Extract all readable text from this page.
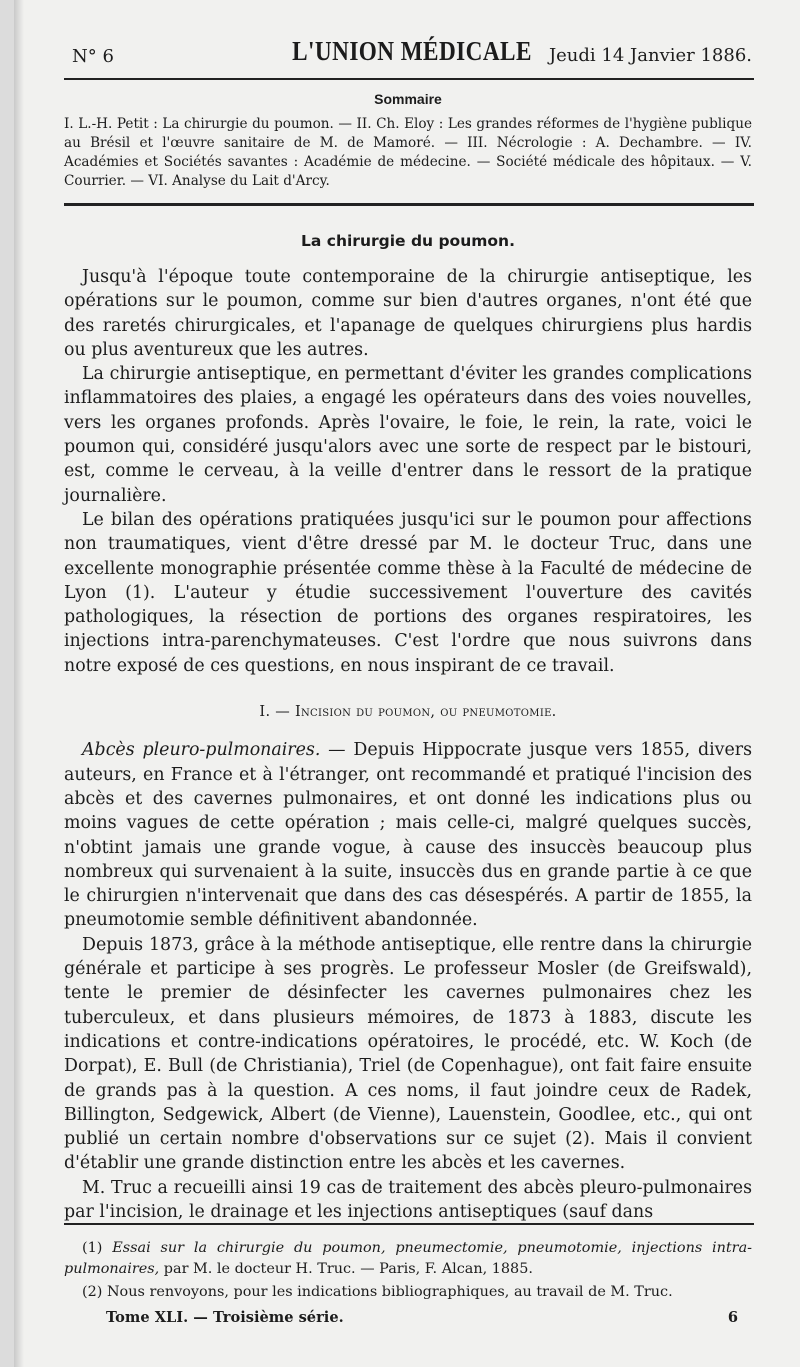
N° 6	L'UNION MÉDICALE Jeudi 14 Janvier 1886.
Sommaire

I. L.-H. Petit : La chirurgie du poumon. — II. Ch. Eloy : Les grandes réformes de l'hygiène publique au Brésil et l'œuvre sanitaire de M. de Mamoré. — III. Nécrologie : A. Dechambre. — IV. Académies et Sociétés savantes : Académie de médecine. — Société médicale des hôpitaux. — V. Courrier. — VI. Analyse du Lait d'Arcy.

La chirurgie du poumon.

Jusqu'à l'époque toute contemporaine de la chirurgie antiseptique, les opérations sur le poumon, comme sur bien d'autres organes, n'ont été que des raretés chirurgicales, et l'apanage de quelques chirurgiens plus hardis ou plus aventureux que les autres.

La chirurgie antiseptique, en permettant d'éviter les grandes complications inflammatoires des plaies, a engagé les opérateurs dans des voies nouvelles, vers les organes profonds. Après l'ovaire, le foie, le rein, la rate, voici le poumon qui, considéré jusqu'alors avec une sorte de respect par le bistouri, est, comme le cerveau, à la veille d'entrer dans le ressort de la pratique journalière.

Le bilan des opérations pratiquées jusqu'ici sur le poumon pour affections non traumatiques, vient d'être dressé par M. le docteur Truc, dans une excellente monographie présentée comme thèse à la Faculté de médecine de Lyon (1). L'auteur y étudie successivement l'ouverture des cavités pathologiques, la résection de portions des organes respiratoires, les injections intra-parenchymateuses. C'est l'ordre que nous suivrons dans notre exposé de ces questions, en nous inspirant de ce travail.

I. — Incision du poumon, ou pneumotomie.

Abcès pleuro-pulmonaires. — Depuis Hippocrate jusque vers 1855, divers auteurs, en France et à l'étranger, ont recommandé et pratiqué l'incision des abcès et des cavernes pulmonaires, et ont donné les indications plus ou moins vagues de cette opération ; mais celle-ci, malgré quelques succès, n'obtint jamais une grande vogue, à cause des insuccès beaucoup plus nombreux qui survenaient à la suite, insuccès dus en grande partie à ce que le chirurgien n'intervenait que dans des cas désespérés. A partir de 1855, la pneumotomie semble définitivent abandonnée.

Depuis 1873, grâce à la méthode antiseptique, elle rentre dans la chirurgie générale et participe à ses progrès. Le professeur Mosler (de Greifswald), tente le premier de désinfecter les cavernes pulmonaires chez les tuberculeux, et dans plusieurs mémoires, de 1873 à 1883, discute les indications et contre-indications opératoires, le procédé, etc. W. Koch (de Dorpat), E. Bull (de Christiania), Triel (de Copenhague), ont fait faire ensuite de grands pas à la question. A ces noms, il faut joindre ceux de Radek, Billington, Sedgewick, Albert (de Vienne), Lauenstein, Goodlee, etc., qui ont publié un certain nombre d'observations sur ce sujet (2). Mais il convient d'établir une grande distinction entre les abcès et les cavernes.

M. Truc a recueilli ainsi 19 cas de traitement des abcès pleuro-pulmonaires par l'incision, le drainage et les injections antiseptiques (sauf dans

(1) Essai sur la chirurgie du poumon, pneumectomie, pneumotomie, injections intra-pulmonaires, par M. le docteur H. Truc. — Paris, F. Alcan, 1885.

(2) Nous renvoyons, pour les indications bibliographiques, au travail de M. Truc.

Tome XLI. — Troisième série.	6
